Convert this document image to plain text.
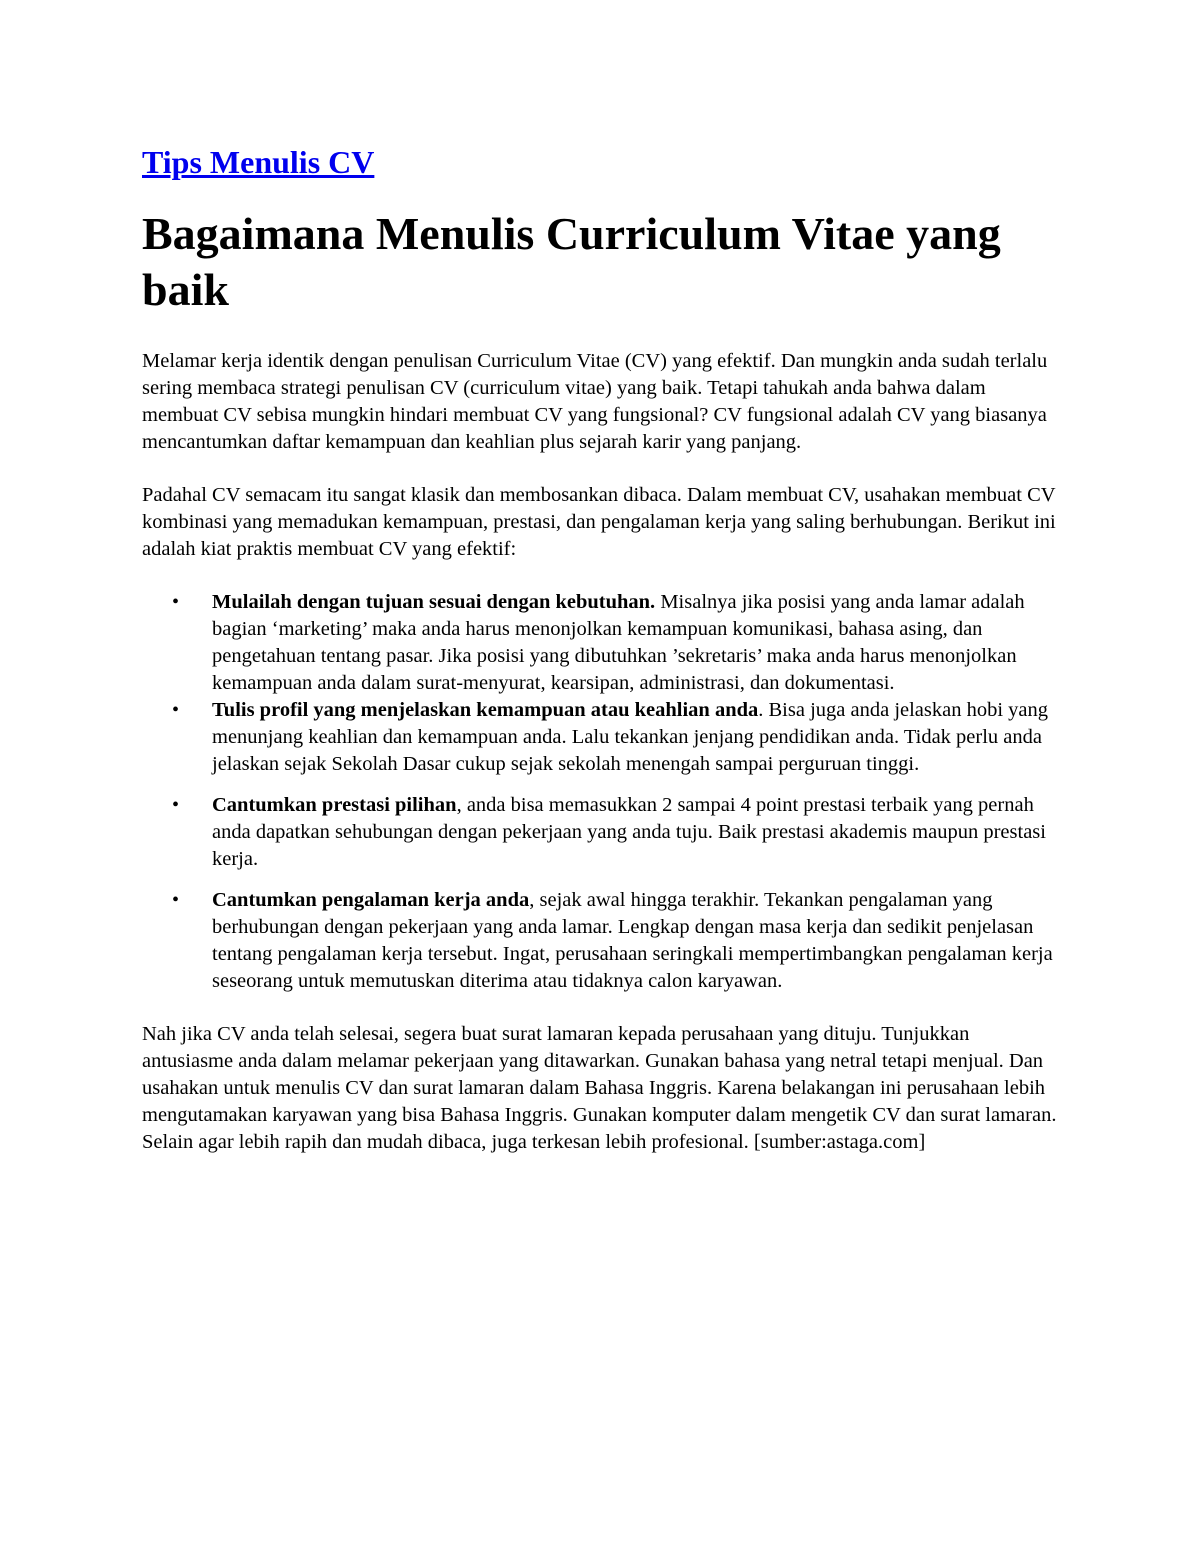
Tips Menulis CV
Bagaimana Menulis Curriculum Vitae yang baik

Melamar kerja identik dengan penulisan Curriculum Vitae (CV) yang efektif. Dan mungkin anda sudah terlalu sering membaca strategi penulisan CV (curriculum vitae) yang baik. Tetapi tahukah anda bahwa dalam membuat CV sebisa mungkin hindari membuat CV yang fungsional? CV fungsional adalah CV yang biasanya mencantumkan daftar kemampuan dan keahlian plus sejarah karir yang panjang.

Padahal CV semacam itu sangat klasik dan membosankan dibaca. Dalam membuat CV, usahakan membuat CV kombinasi yang memadukan kemampuan, prestasi, dan pengalaman kerja yang saling berhubungan. Berikut ini adalah kiat praktis membuat CV yang efektif:

• Mulailah dengan tujuan sesuai dengan kebutuhan. Misalnya jika posisi yang anda lamar adalah bagian ‘marketing’ maka anda harus menonjolkan kemampuan komunikasi, bahasa asing, dan pengetahuan tentang pasar. Jika posisi yang dibutuhkan ’sekretaris’ maka anda harus menonjolkan kemampuan anda dalam surat-menyurat, kearsipan, administrasi, dan dokumentasi.
• Tulis profil yang menjelaskan kemampuan atau keahlian anda. Bisa juga anda jelaskan hobi yang menunjang keahlian dan kemampuan anda. Lalu tekankan jenjang pendidikan anda. Tidak perlu anda jelaskan sejak Sekolah Dasar cukup sejak sekolah menengah sampai perguruan tinggi.
• Cantumkan prestasi pilihan, anda bisa memasukkan 2 sampai 4 point prestasi terbaik yang pernah anda dapatkan sehubungan dengan pekerjaan yang anda tuju. Baik prestasi akademis maupun prestasi kerja.
• Cantumkan pengalaman kerja anda, sejak awal hingga terakhir. Tekankan pengalaman yang berhubungan dengan pekerjaan yang anda lamar. Lengkap dengan masa kerja dan sedikit penjelasan tentang pengalaman kerja tersebut. Ingat, perusahaan seringkali mempertimbangkan pengalaman kerja seseorang untuk memutuskan diterima atau tidaknya calon karyawan.

Nah jika CV anda telah selesai, segera buat surat lamaran kepada perusahaan yang dituju. Tunjukkan antusiasme anda dalam melamar pekerjaan yang ditawarkan. Gunakan bahasa yang netral tetapi menjual. Dan usahakan untuk menulis CV dan surat lamaran dalam Bahasa Inggris. Karena belakangan ini perusahaan lebih mengutamakan karyawan yang bisa Bahasa Inggris. Gunakan komputer dalam mengetik CV dan surat lamaran. Selain agar lebih rapih dan mudah dibaca, juga terkesan lebih profesional. [sumber:astaga.com]
